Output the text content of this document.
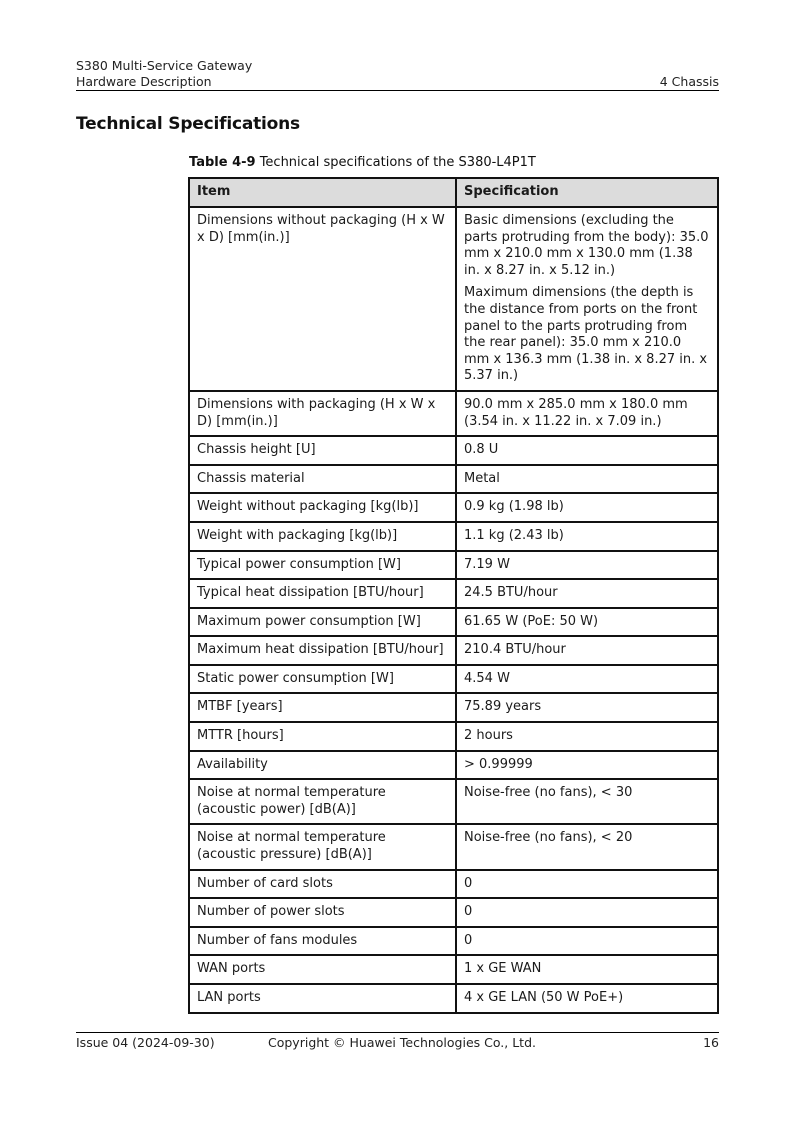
S380 Multi-Service Gateway
Hardware Description	4 Chassis
Technical Specifications
Table 4-9 Technical specifications of the S380-L4P1T
Item	Specification
Dimensions without packaging (H x W x D) [mm(in.)]	Basic dimensions (excluding the parts protruding from the body): 35.0 mm x 210.0 mm x 130.0 mm (1.38 in. x 8.27 in. x 5.12 in.)

Maximum dimensions (the depth is the distance from ports on the front panel to the parts protruding from the rear panel): 35.0 mm x 210.0 mm x 136.3 mm (1.38 in. x 8.27 in. x 5.37 in.)

Dimensions with packaging (H x W x D) [mm(in.)]	90.0 mm x 285.0 mm x 180.0 mm (3.54 in. x 11.22 in. x 7.09 in.)

Chassis height [U]	0.8 U

Chassis material	Metal

Weight without packaging [kg(lb)]	0.9 kg (1.98 lb)

Weight with packaging [kg(lb)]	1.1 kg (2.43 lb)

Typical power consumption [W]	7.19 W

Typical heat dissipation [BTU/hour]	24.5 BTU/hour

Maximum power consumption [W]	61.65 W (PoE: 50 W)

Maximum heat dissipation [BTU/hour]	210.4 BTU/hour

Static power consumption [W]	4.54 W

MTBF [years]	75.89 years

MTTR [hours]	2 hours

Availability	> 0.99999

Noise at normal temperature (acoustic power) [dB(A)]	Noise-free (no fans), < 30

Noise at normal temperature (acoustic pressure) [dB(A)]	Noise-free (no fans), < 20

Number of card slots	0

Number of power slots	0

Number of fans modules	0

WAN ports	1 x GE WAN

LAN ports	4 x GE LAN (50 W PoE+)

Issue 04 (2024-09-30)	Copyright © Huawei Technologies Co., Ltd.	16
